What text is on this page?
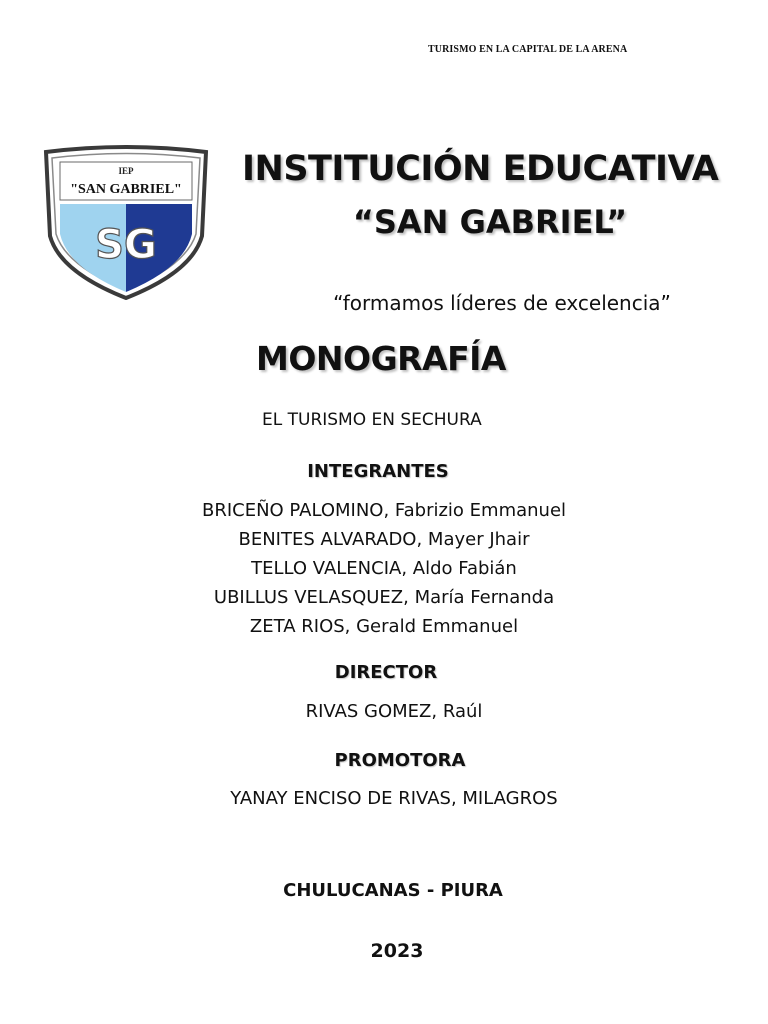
TURISMO EN LA CAPITAL DE LA ARENA
IEP
"SAN GABRIEL"
SG
INSTITUCIÓN EDUCATIVA
“SAN GABRIEL”
“formamos líderes de excelencia”
MONOGRAFÍA
EL TURISMO EN SECHURA
INTEGRANTES
BRICEÑO PALOMINO, Fabrizio Emmanuel
BENITES ALVARADO, Mayer Jhair
TELLO VALENCIA, Aldo Fabián
UBILLUS VELASQUEZ, María Fernanda
ZETA RIOS, Gerald Emmanuel
DIRECTOR
RIVAS GOMEZ, Raúl
PROMOTORA
YANAY ENCISO DE RIVAS, MILAGROS
CHULUCANAS - PIURA
2023
